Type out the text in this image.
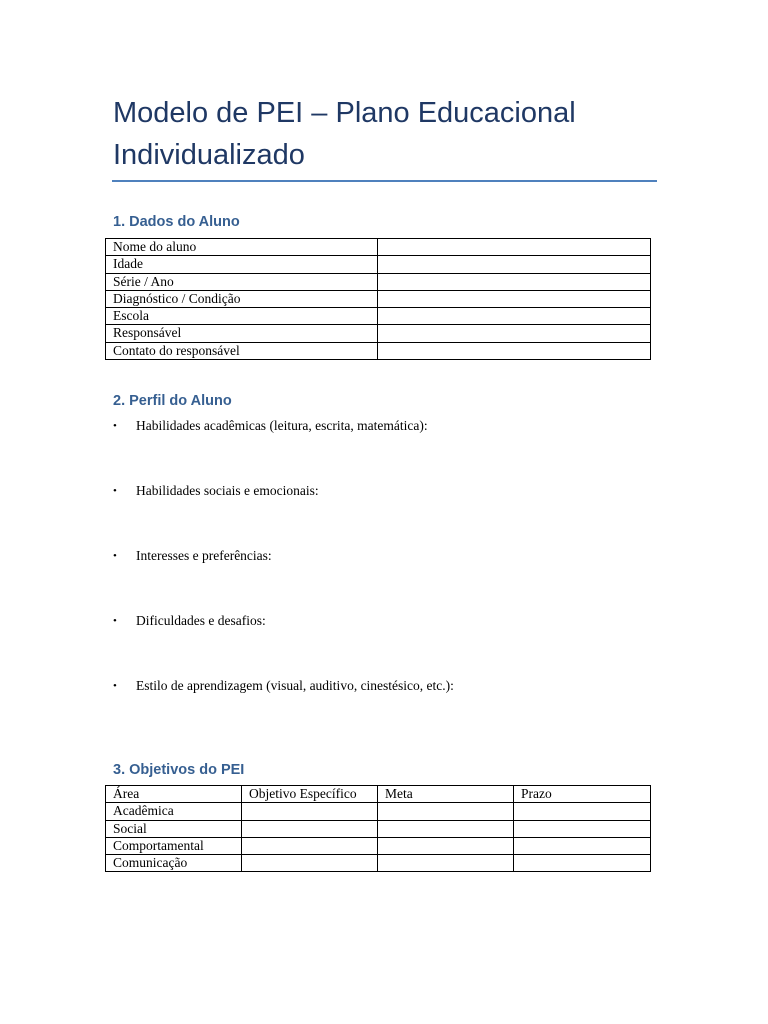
Modelo de PEI – Plano Educacional Individualizado
1. Dados do Aluno
Nome do aluno	
Idade	
Série / Ano	
Diagnóstico / Condição	
Escola	
Responsável	
Contato do responsável	
2. Perfil do Aluno
• Habilidades acadêmicas (leitura, escrita, matemática):
• Habilidades sociais e emocionais:
• Interesses e preferências:
• Dificuldades e desafios:
• Estilo de aprendizagem (visual, auditivo, cinestésico, etc.):
3. Objetivos do PEI
Área	Objetivo Específico	Meta	Prazo
Acadêmica			
Social			
Comportamental			
Comunicação			
